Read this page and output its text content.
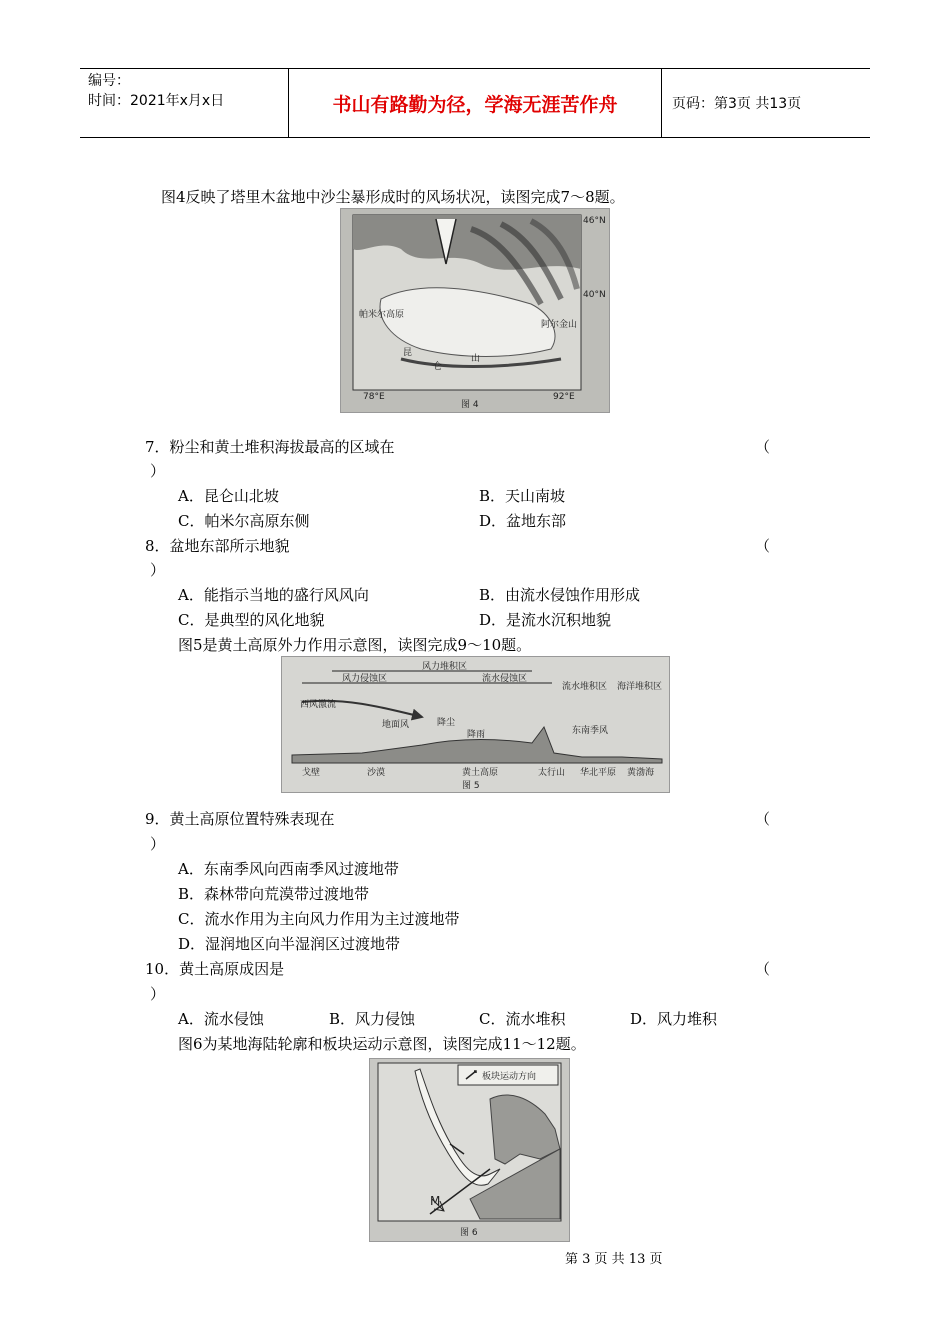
编号：
时间：2021年x月x日	书山有路勤为径，学海无涯苦作舟	页码：第3页 共13页
图4反映了塔里木盆地中沙尘暴形成时的风场状况，读图完成7～8题。
46°N
40°N
78°E	92°E
帕米尔高原
昆
仑
山
阿尔金山
图 4
7．粉尘和黄土堆积海拔最高的区域在	（
）
A．昆仑山北坡	B．天山南坡
C．帕米尔高原东侧	D．盆地东部
8．盆地东部所示地貌	（
）
A．能指示当地的盛行风风向	B．由流水侵蚀作用形成
C．是典型的风化地貌	D．是流水沉积地貌
图5是黄土高原外力作用示意图，读图完成9～10题。
风力堆积区
风力侵蚀区	流水侵蚀区
流水堆积区 海洋堆积区
西风激流
地面风	降尘
降雨	东南季风
戈壁	沙漠	黄土高原	太行山 华北平原 黄渤海
图 5
9．黄土高原位置特殊表现在	（
）
A．东南季风向西南季风过渡地带
B．森林带向荒漠带过渡地带
C．流水作用为主向风力作用为主过渡地带
D．湿润地区向半湿润区过渡地带
10．黄土高原成因是	（
）
A．流水侵蚀	B．风力侵蚀	C．流水堆积	D．风力堆积
图6为某地海陆轮廓和板块运动示意图，读图完成11～12题。
板块运动方向
M
图 6
第 3 页 共 13 页
